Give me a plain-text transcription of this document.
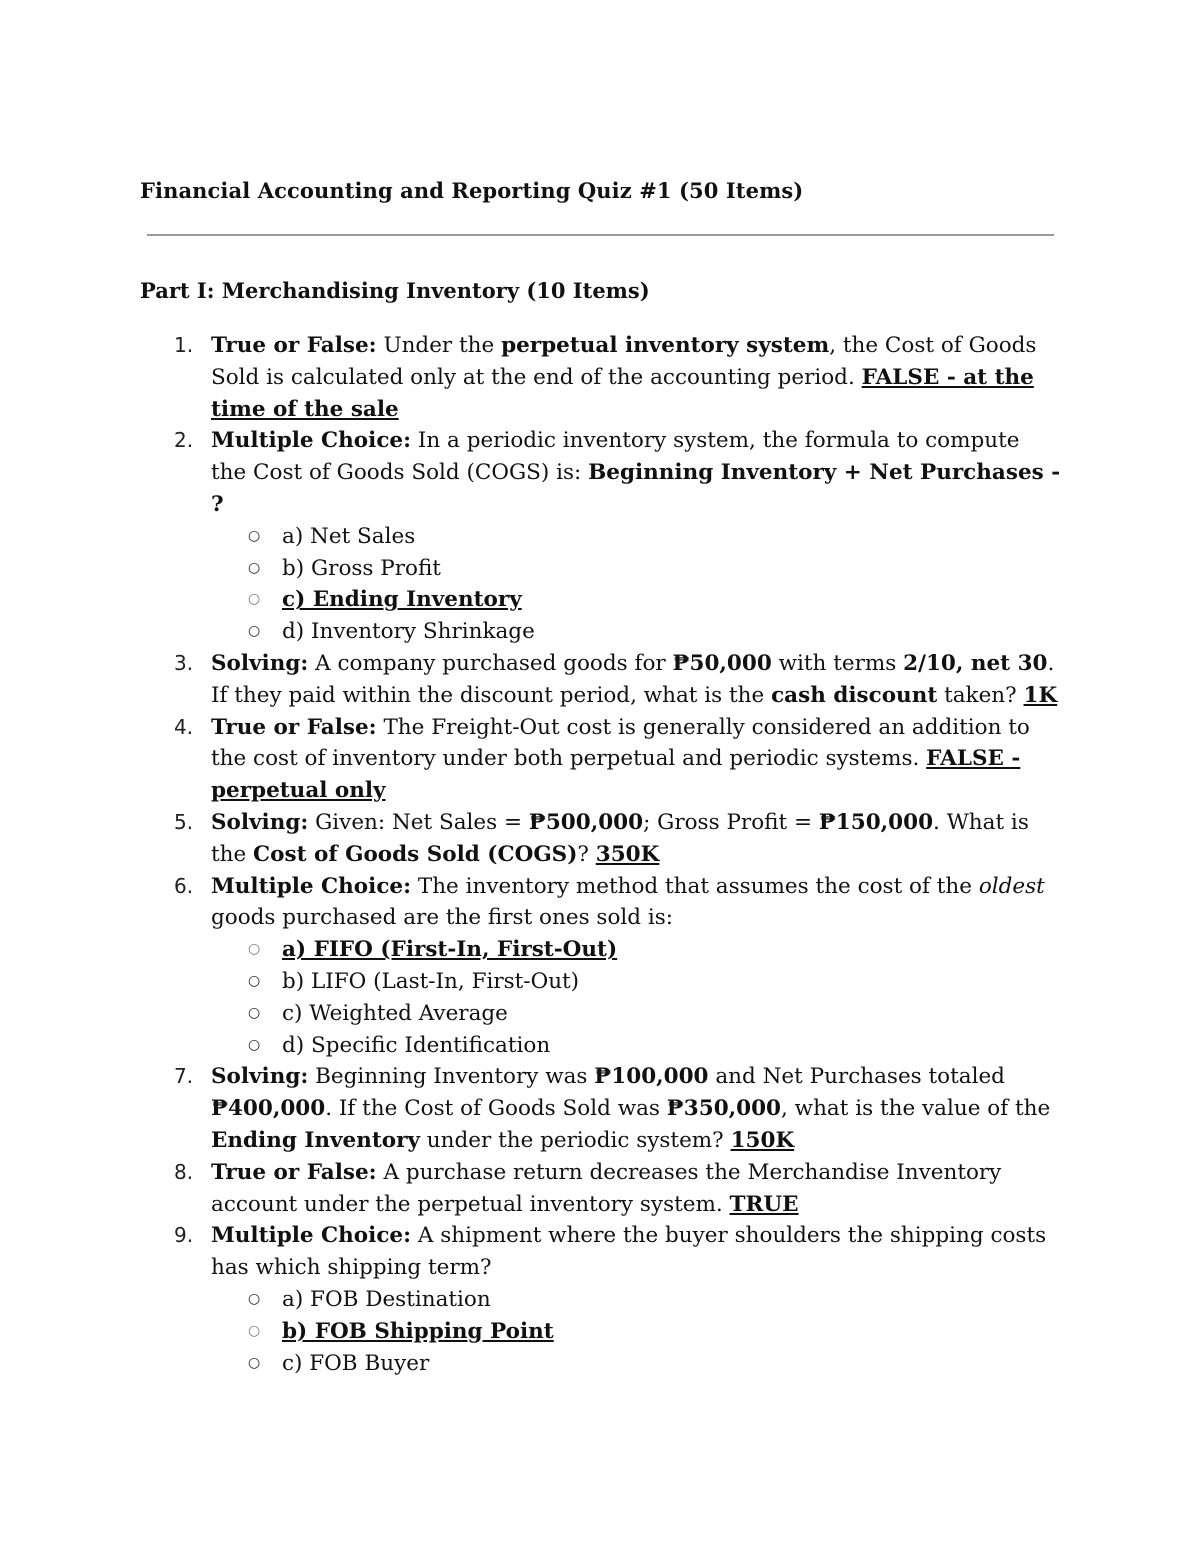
Financial Accounting and Reporting Quiz #1 (50 Items)
Part I: Merchandising Inventory (10 Items)
1. True or False: Under the perpetual inventory system, the Cost of Goods Sold is calculated only at the end of the accounting period. FALSE - at the time of the sale
2. Multiple Choice: In a periodic inventory system, the formula to compute the Cost of Goods Sold (COGS) is: Beginning Inventory + Net Purchases - ?
○ a) Net Sales
○ b) Gross Profit
○ c) Ending Inventory
○ d) Inventory Shrinkage
3. Solving: A company purchased goods for ₱50,000 with terms 2/10, net 30. If they paid within the discount period, what is the cash discount taken? 1K
4. True or False: The Freight-Out cost is generally considered an addition to the cost of inventory under both perpetual and periodic systems. FALSE - perpetual only
5. Solving: Given: Net Sales = ₱500,000; Gross Profit = ₱150,000. What is the Cost of Goods Sold (COGS)? 350K
6. Multiple Choice: The inventory method that assumes the cost of the oldest goods purchased are the first ones sold is:
○ a) FIFO (First-In, First-Out)
○ b) LIFO (Last-In, First-Out)
○ c) Weighted Average
○ d) Specific Identification
7. Solving: Beginning Inventory was ₱100,000 and Net Purchases totaled ₱400,000. If the Cost of Goods Sold was ₱350,000, what is the value of the Ending Inventory under the periodic system? 150K
8. True or False: A purchase return decreases the Merchandise Inventory account under the perpetual inventory system. TRUE
9. Multiple Choice: A shipment where the buyer shoulders the shipping costs has which shipping term?
○ a) FOB Destination
○ b) FOB Shipping Point
○ c) FOB Buyer
